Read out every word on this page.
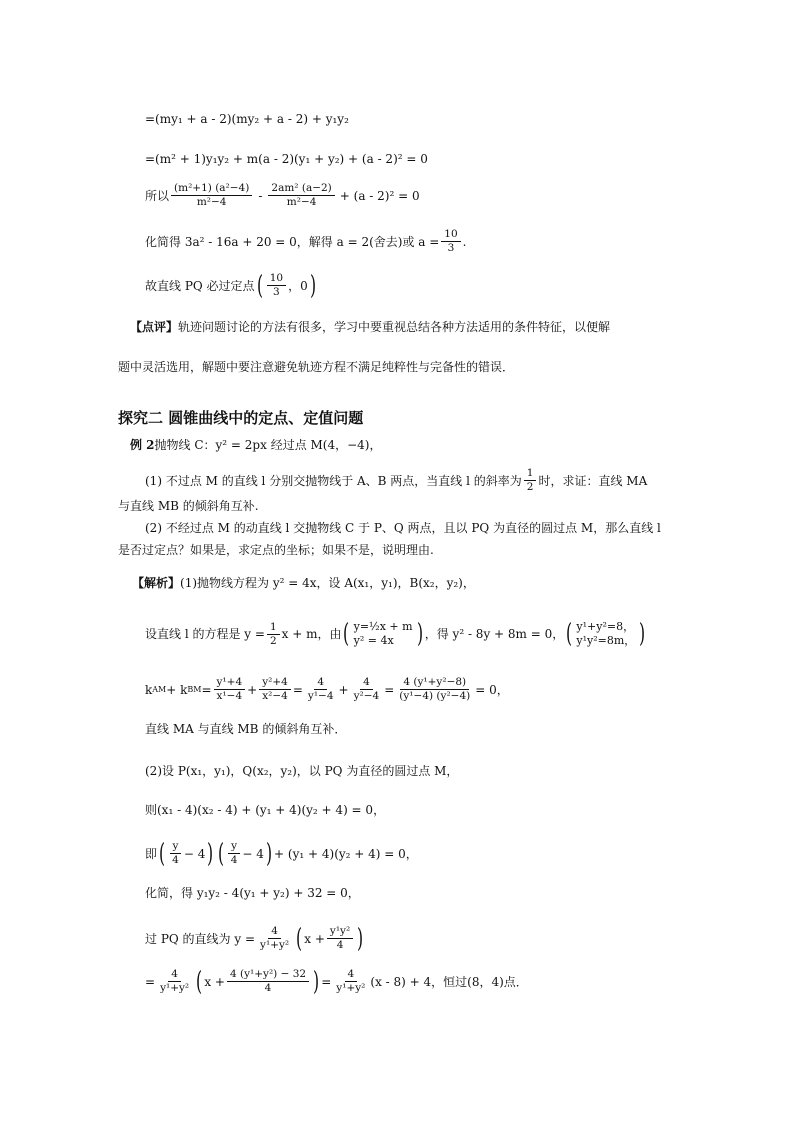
=(my₁ + a - 2)(my₂ + a - 2) + y₁y₂
=(m² + 1)y₁y₂ + m(a - 2)(y₁ + y₂) + (a - 2)² = 0
所以 $\frac{\text{(m²+1) (a²−4)}}{\text{m²−4}} - \frac{\text{2am² (a−2)}}{\text{m²−4}} + (a - 2)^2 = 0$
化简得 3a² - 16a + 20 = 0，解得 a = 2(舍去)或 $a = \frac{10}{3}$ .
故直线 PQ 必过定点 ( $\frac{10}{3}$ ，0 )
【点评】 轨迹问题讨论的方法有很多，学习中要重视总结各种方法适用的条件特征，以便解
题中灵活选用，解题中要注意避免轨迹方程不满足纯粹性与完备性的错误．
探究二 圆锥曲线中的定点、定值问题
例 2 抛物线 C：y² = 2px 经过点 M(4，−4)，
(1) 不过点 M 的直线 l 分别交抛物线于 A、B 两点，当直线 l 的斜率为 $\frac{1}{2}$ 时，求证：直线 MA
与直线 MB 的倾斜角互补.
(2) 不经过点 M 的动直线 l 交抛物线 C 于 P、Q 两点，且以 PQ 为直径的圆过点 M，那么直线 l
是否过定点？如果是，求定点的坐标；如果不是，说明理由.
【解析】 (1)抛物线方程为 y² = 4x，设 A(x₁，y₁)，B(x₂，y₂)，
设直线 l 的方程是 $y = \frac{1}{2}$ x + m，由 ( y=½x + m
y² = 4x ) ，得 y² - 8y + 8m = 0， ( y¹+y²=8，
y¹y²=8m， )
k AM + k BM = $\frac{\text{y¹+4}}{\text{x¹−4}} + \frac{\text{y²+4}}{\text{x²−4}} = \frac{4}{\text{y¹−4}} + \frac{4}{\text{y²−4}} = \frac{\text{4 (y¹+y²−8)}}{\text{(y¹−4) (y²−4)}} = 0$，
直线 MA 与直线 MB 的倾斜角互补．
(2)设 P(x₁，y₁)，Q(x₂，y₂)，以 PQ 为直径的圆过点 M，
则(x₁ - 4)(x₂ - 4) + (y₁ + 4)(y₂ + 4) = 0，
即 ( $\frac{y}{4} - 4$ ) ( $\frac{y}{4} - 4$ ) + (y₁ + 4)(y₂ + 4) = 0，
化简，得 y₁y₂ - 4(y₁ + y₂) + 32 = 0，
过 PQ 的直线为 $y = \frac{4}{\text{y¹+y²}}$ ( $x + \frac{\text{y¹y²}}{4}$ )
= $\frac{4}{\text{y¹+y²}}$ ( $x + \frac{\text{4 (y¹+y²) − 32}}{4}$ ) = $\frac{4}{\text{y¹+y²}} (x - 8) + 4$，恒过(8，4)点．
